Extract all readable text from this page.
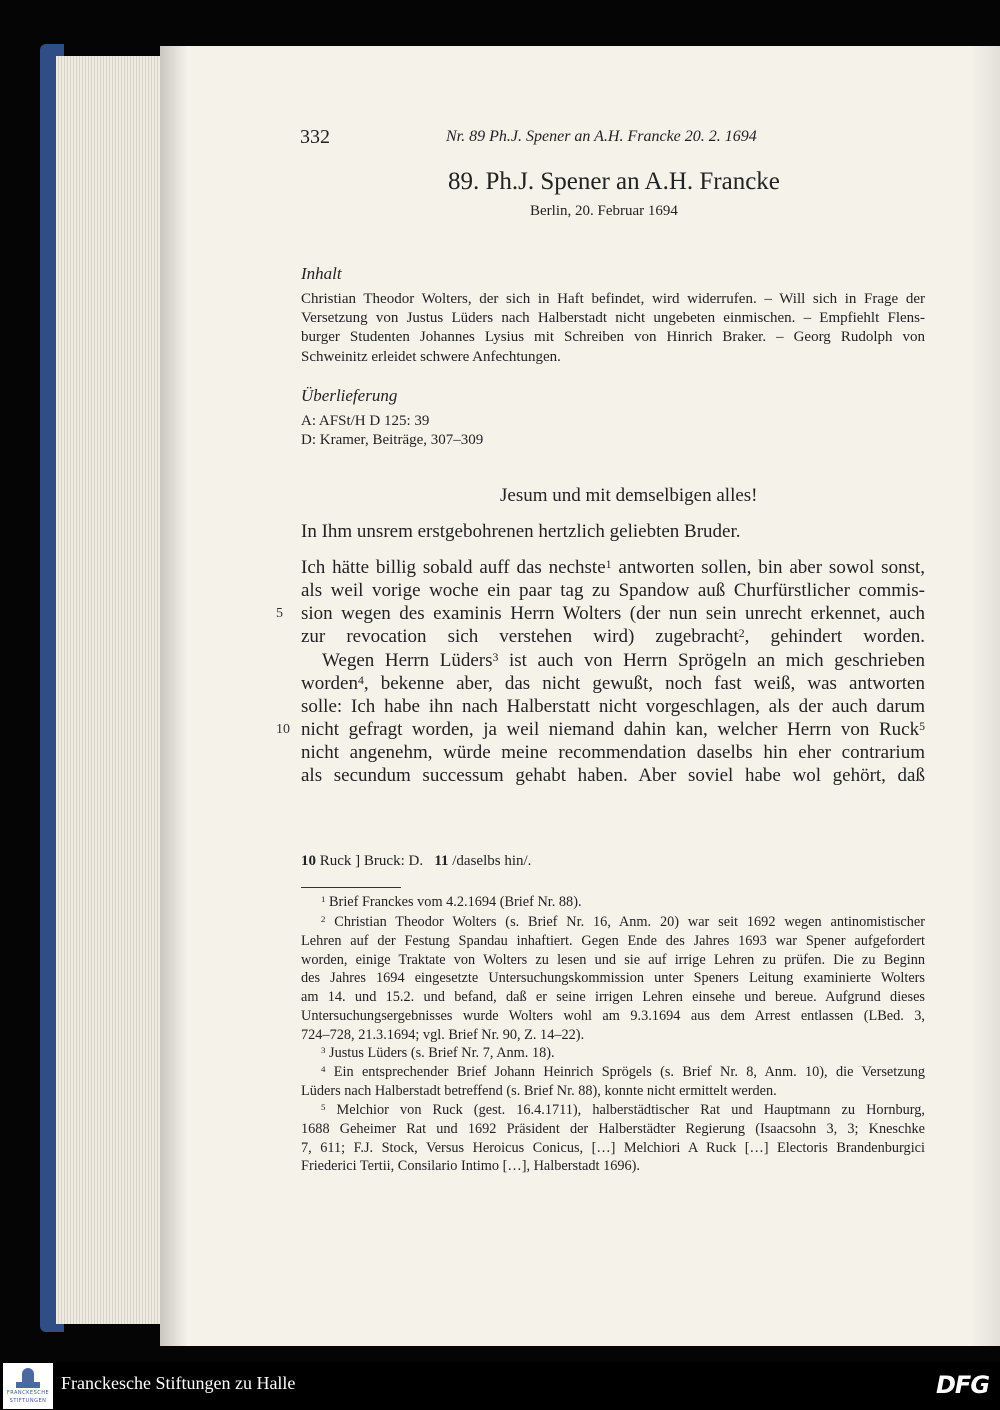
332	Nr. 89 Ph.J. Spener an A.H. Francke 20. 2. 1694
89. Ph.J. Spener an A.H. Francke
Berlin, 20. Februar 1694
Inhalt
Christian Theodor Wolters, der sich in Haft befindet, wird widerrufen. – Will sich in Frage der
Versetzung von Justus Lüders nach Halberstadt nicht ungebeten einmischen. – Empfiehlt Flens-
burger Studenten Johannes Lysius mit Schreiben von Hinrich Braker. – Georg Rudolph von
Schweinitz erleidet schwere Anfechtungen.
Überlieferung
A: AFSt/H D 125: 39
D: Kramer, Beiträge, 307–309
Jesum und mit demselbigen alles!
In Ihm unsrem erstgebohrenen hertzlich geliebten Bruder.
Ich hätte billig sobald auff das nechste$^1$ antworten sollen, bin aber sowol sonst,
als weil vorige woche ein paar tag zu Spandow auß Churfürstlicher commis-
sion wegen des examinis Herrn Wolters (der nun sein unrecht erkennet, auch
zur revocation sich verstehen wird) zugebracht$^2$, gehindert worden.
Wegen Herrn Lüders$^3$ ist auch von Herrn Sprögeln an mich geschrieben
worden$^4$, bekenne aber, das nicht gewußt, noch fast weiß, was antworten
solle: Ich habe ihn nach Halberstatt nicht vorgeschlagen, als der auch darum
nicht gefragt worden, ja weil niemand dahin kan, welcher Herrn von Ruck$^5$
nicht angenehm, würde meine recommendation daselbs hin eher contrarium
als secundum successum gehabt haben. Aber soviel habe wol gehört, daß
5
10
10 Ruck ] Bruck: D. 11 /daselbs hin/.
$^1$ Brief Franckes vom 4.2.1694 (Brief Nr. 88).
$^2$ Christian Theodor Wolters (s. Brief Nr. 16, Anm. 20) war seit 1692 wegen antinomistischer
Lehren auf der Festung Spandau inhaftiert. Gegen Ende des Jahres 1693 war Spener aufgefordert
worden, einige Traktate von Wolters zu lesen und sie auf irrige Lehren zu prüfen. Die zu Beginn
des Jahres 1694 eingesetzte Untersuchungskommission unter Speners Leitung examinierte Wolters
am 14. und 15.2. und befand, daß er seine irrigen Lehren einsehe und bereue. Aufgrund dieses
Untersuchungsergebnisses wurde Wolters wohl am 9.3.1694 aus dem Arrest entlassen (LBed. 3,
724–728, 21.3.1694; vgl. Brief Nr. 90, Z. 14–22).
$^3$ Justus Lüders (s. Brief Nr. 7, Anm. 18).
$^4$ Ein entsprechender Brief Johann Heinrich Sprögels (s. Brief Nr. 8, Anm. 10), die Versetzung
Lüders nach Halberstadt betreffend (s. Brief Nr. 88), konnte nicht ermittelt werden.
$^5$ Melchior von Ruck (gest. 16.4.1711), halberstädtischer Rat und Hauptmann zu Hornburg,
1688 Geheimer Rat und 1692 Präsident der Halberstädter Regierung (Isaacsohn 3, 3; Kneschke
7, 611; F.J. Stock, Versus Heroicus Conicus, […] Melchiori A Ruck […] Electoris Brandenburgici
Friederici Tertii, Consilario Intimo […], Halberstadt 1696).
FRANCKESCHE
STIFTUNGEN
Franckesche Stiftungen zu Halle	DFG
